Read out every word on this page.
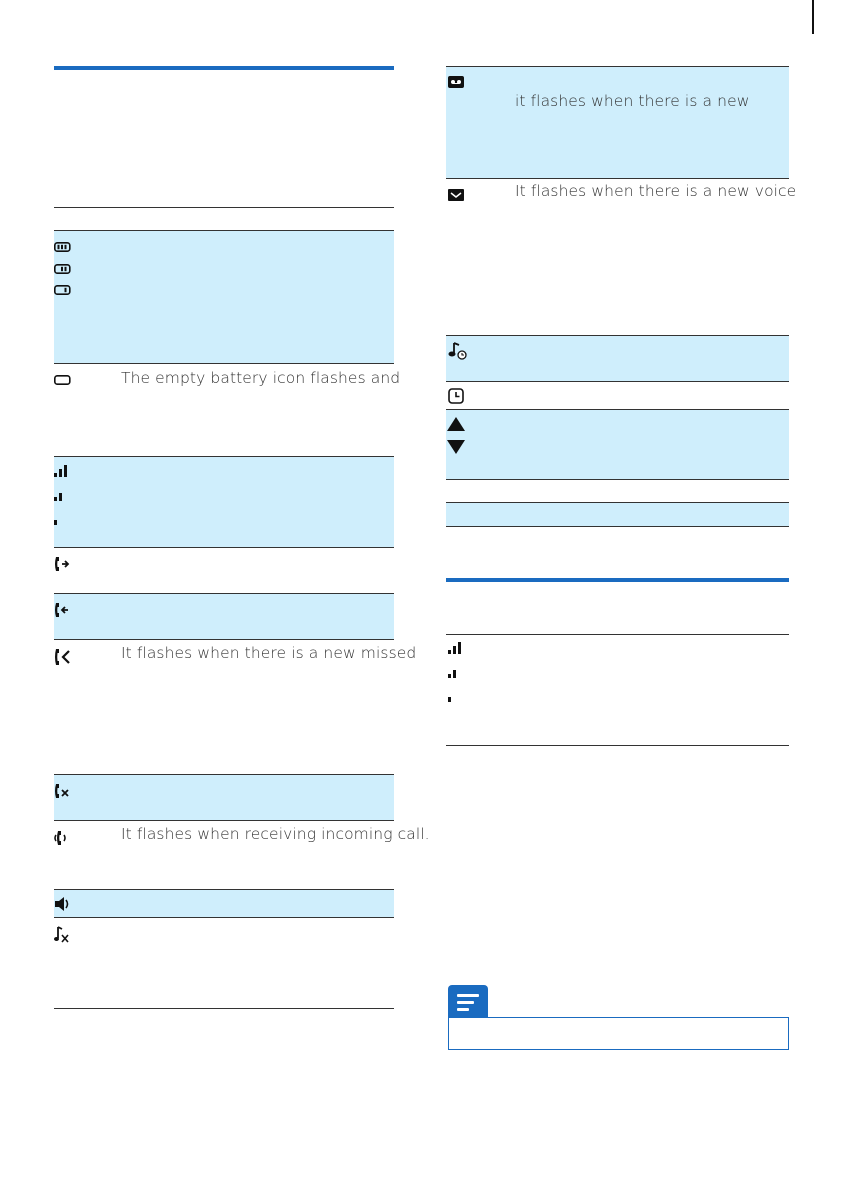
The empty battery icon flashes and
It flashes when there is a new missed
It flashes when receiving incoming call.
it flashes when there is a new
It flashes when there is a new voice
